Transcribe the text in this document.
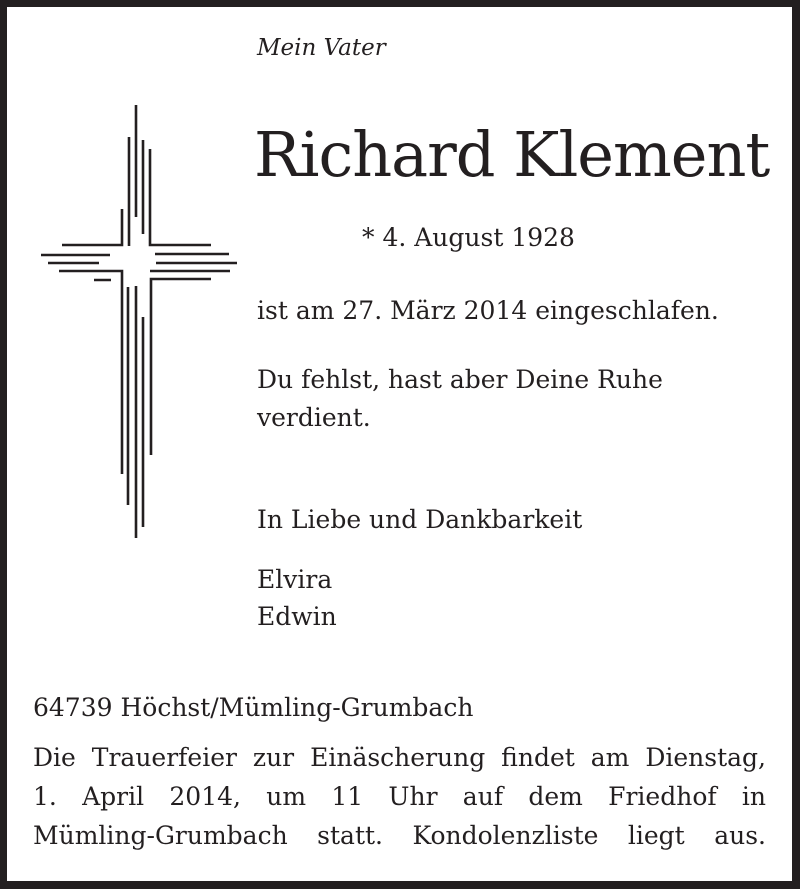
Mein Vater

Richard Klement

* 4. August 1928

ist am 27. März 2014 eingeschlafen.

Du fehlst, hast aber Deine Ruhe

verdient.

In Liebe und Dankbarkeit

Elvira

Edwin

64739 Höchst/Mümling-Grumbach

Die Trauerfeier zur Einäscherung findet am Dienstag,
1. April 2014, um 11 Uhr auf dem Friedhof in
Mümling-Grumbach statt. Kondolenzliste liegt aus.
